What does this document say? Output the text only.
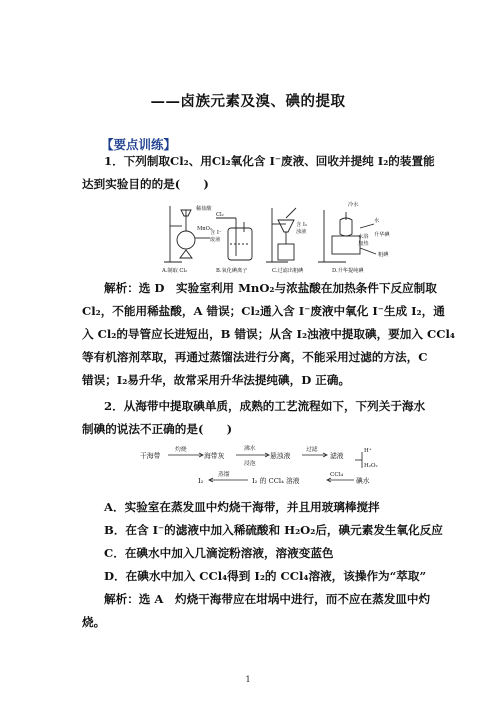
——卤族元素及溴、碘的提取
【要点训练】
1．下列制取Cl₂、用Cl₂氧化含 I⁻废液、回收并提纯 I₂的装置能
达到实验目的的是(　　)
稀盐酸
MnO₂
Cl₂
含 I⁻
废液
含 I₂
浊液
冷水
水
水浴
加热
升华碘
粗碘
A.制取 Cl₂	B.氧化碘离子	C.过滤出粗碘	D.升华提纯碘
解析：选 D　实验室利用 MnO₂与浓盐酸在加热条件下反应制取
Cl₂，不能用稀盐酸，A 错误；Cl₂通入含 I⁻废液中氧化 I⁻生成 I₂，通
入 Cl₂的导管应长进短出，B 错误；从含 I₂浊液中提取碘，要加入 CCl₄
等有机溶剂萃取，再通过蒸馏法进行分离，不能采用过滤的方法，C
错误；I₂易升华，故常采用升华法提纯碘，D 正确。
2．从海带中提取碘单质，成熟的工艺流程如下，下列关于海水
制碘的说法不正确的是(　　)
干海带
灼烧
海带灰
沸水
浸泡
悬浊液
过滤
滤液
H⁺
H₂O₂
碘水
CCl₄
I₂ 的 CCl₄ 溶液
蒸馏
I₂
A．实验室在蒸发皿中灼烧干海带，并且用玻璃棒搅拌
B．在含 I⁻的滤液中加入稀硫酸和 H₂O₂后，碘元素发生氧化反应
C．在碘水中加入几滴淀粉溶液，溶液变蓝色
D．在碘水中加入 CCl₄得到 I₂的 CCl₄溶液，该操作为“萃取”
解析：选 A　灼烧干海带应在坩埚中进行，而不应在蒸发皿中灼
烧。
1
